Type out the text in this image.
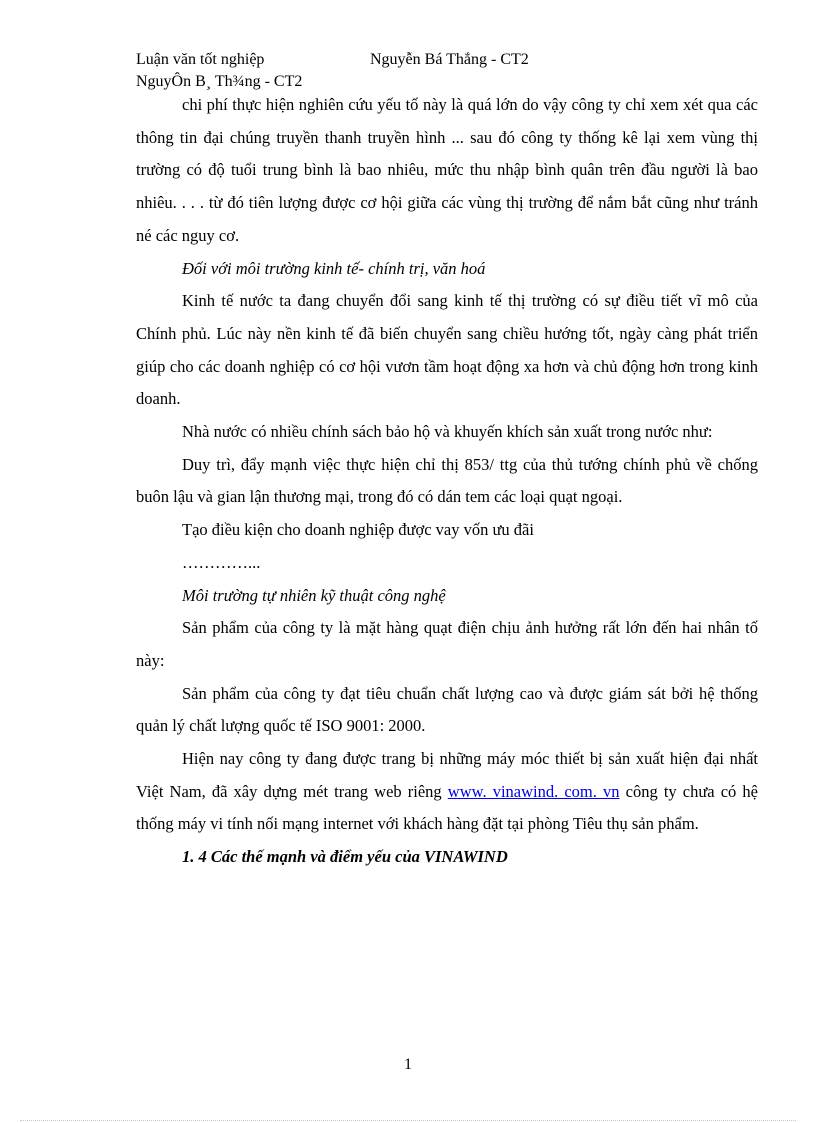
Luận văn tốt nghiệp	Nguyễn Bá Thắng - CT2
NguyÔn B¸ Th¾ng - CT2

chi phí thực hiện nghiên cứu yếu tố này là quá lớn do vậy công ty chỉ xem xét qua các thông tin đại chúng truyền thanh truyền hình ... sau đó công ty thống kê lại xem vùng thị trường có độ tuổi trung bình là bao nhiêu, mức thu nhập bình quân trên đầu người là bao nhiêu. . . . từ đó tiên lượng được cơ hội giữa các vùng thị trường để nắm bắt cũng như tránh né các nguy cơ.

Đối với môi trường kinh tế- chính trị, văn hoá

Kinh tế nước ta đang chuyển đổi sang kinh tế thị trường có sự điều tiết vĩ mô của Chính phủ. Lúc này nền kinh tế đã biến chuyển sang chiều hướng tốt, ngày càng phát triển giúp cho các doanh nghiệp có cơ hội vươn tầm hoạt động xa hơn và chủ động hơn trong kinh doanh.

Nhà nước có nhiều chính sách bảo hộ và khuyến khích sản xuất trong nước như:

Duy trì, đẩy mạnh việc thực hiện chỉ thị 853/ ttg của thủ tướng chính phủ về chống buôn lậu và gian lận thương mại, trong đó có dán tem các loại quạt ngoại.

Tạo điều kiện cho doanh nghiệp được vay vốn ưu đãi

…………...

Môi trường tự nhiên kỹ thuật công nghệ

Sản phẩm của công ty là mặt hàng quạt điện chịu ảnh hưởng rất lớn đến hai nhân tố này:

Sản phẩm của công ty đạt tiêu chuẩn chất lượng cao và được giám sát bởi hệ thống quản lý chất lượng quốc tế ISO 9001: 2000.

Hiện nay công ty đang được trang bị những máy móc thiết bị sản xuất hiện đại nhất Việt Nam, đã xây dựng mét trang web riêng www. vinawind. com. vn công ty chưa có hệ thống máy vi tính nối mạng internet với khách hàng đặt tại phòng Tiêu thụ sản phẩm.

1. 4 Các thế mạnh và điểm yếu của VINAWIND

1
